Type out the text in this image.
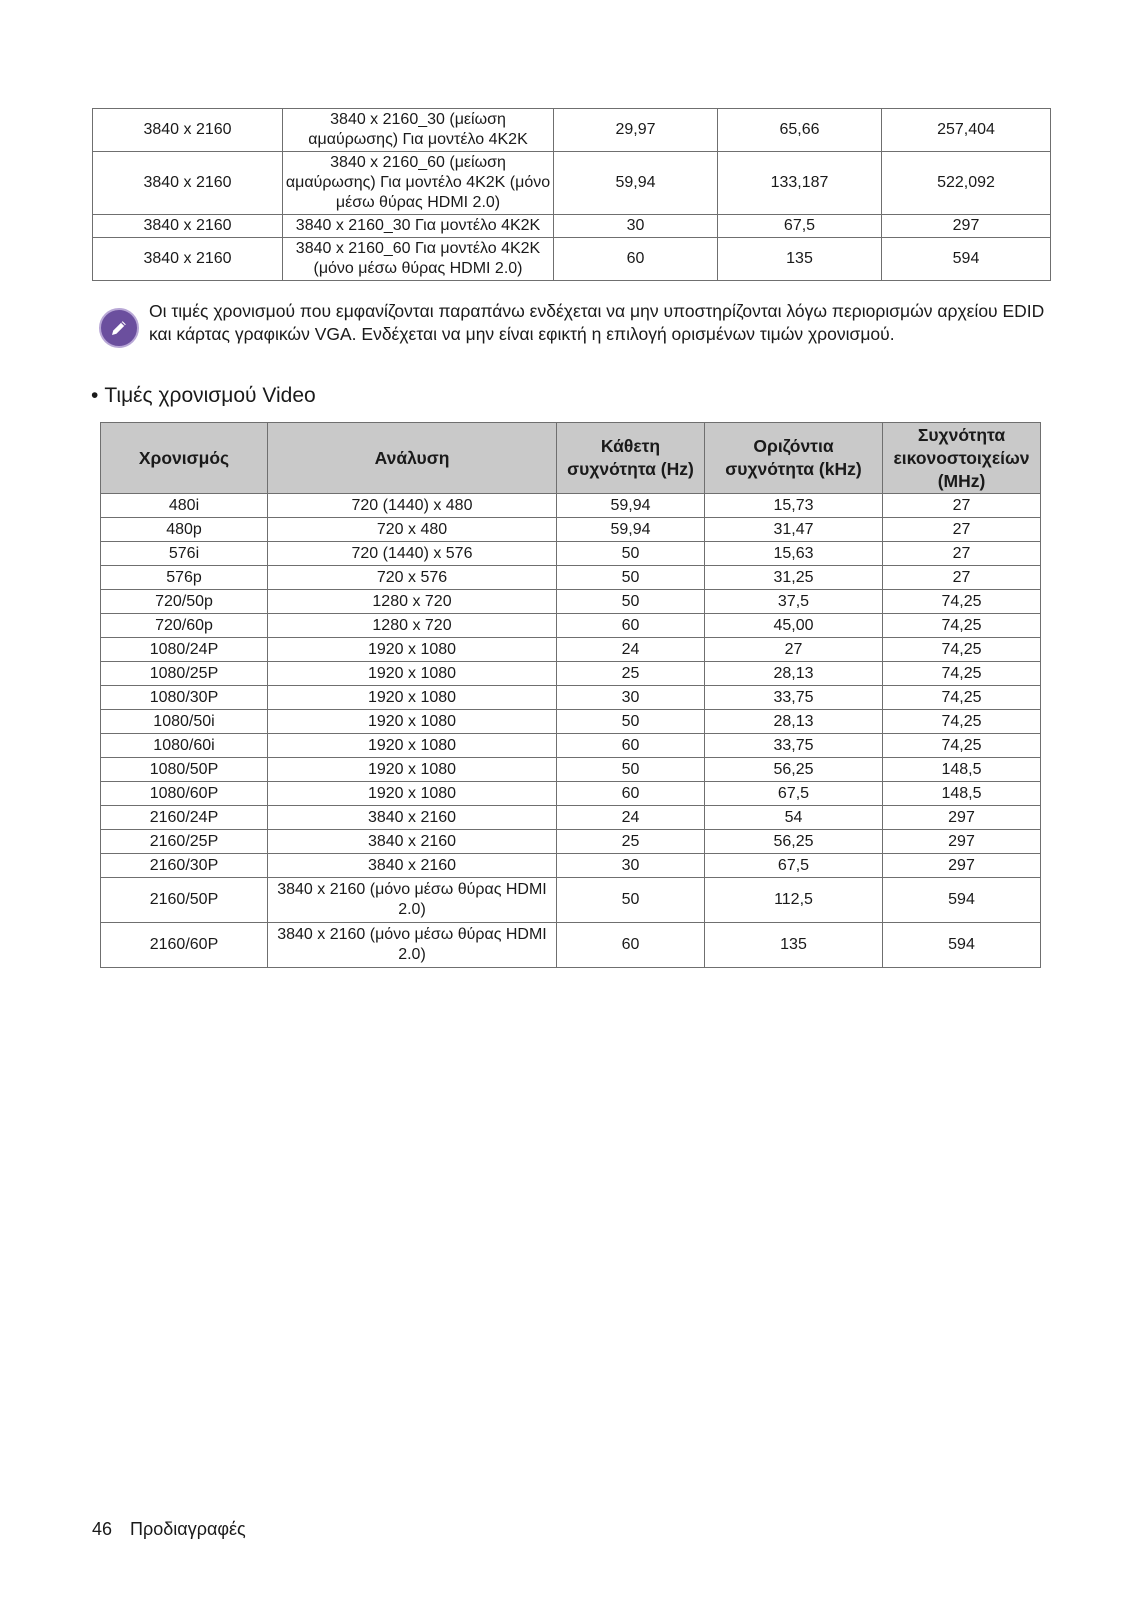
3840 x 2160	3840 x 2160_30 (μείωση αμαύρωσης) Για μοντέλο 4K2K	29,97	65,66	257,404
3840 x 2160	3840 x 2160_60 (μείωση αμαύρωσης) Για μοντέλο 4K2K (μόνο μέσω θύρας HDMI 2.0)	59,94	133,187	522,092
3840 x 2160	3840 x 2160_30 Για μοντέλο 4K2K	30	67,5	297
3840 x 2160	3840 x 2160_60 Για μοντέλο 4K2K (μόνο μέσω θύρας HDMI 2.0)	60	135	594
Οι τιμές χρονισμού που εμφανίζονται παραπάνω ενδέχεται να μην υποστηρίζονται λόγω περιορισμών αρχείου EDID και κάρτας γραφικών VGA. Ενδέχεται να μην είναι εφικτή η επιλογή ορισμένων τιμών χρονισμού.
• Τιμές χρονισμού Video
Χρονισμός	Ανάλυση	Κάθετη συχνότητα (Hz)	Οριζόντια συχνότητα (kHz)	Συχνότητα εικονοστοιχείων (MHz)
480i	720 (1440) x 480	59,94	15,73	27
480p	720 x 480	59,94	31,47	27
576i	720 (1440) x 576	50	15,63	27
576p	720 x 576	50	31,25	27
720/50p	1280 x 720	50	37,5	74,25
720/60p	1280 x 720	60	45,00	74,25
1080/24P	1920 x 1080	24	27	74,25
1080/25P	1920 x 1080	25	28,13	74,25
1080/30P	1920 x 1080	30	33,75	74,25
1080/50i	1920 x 1080	50	28,13	74,25
1080/60i	1920 x 1080	60	33,75	74,25
1080/50P	1920 x 1080	50	56,25	148,5
1080/60P	1920 x 1080	60	67,5	148,5
2160/24P	3840 x 2160	24	54	297
2160/25P	3840 x 2160	25	56,25	297
2160/30P	3840 x 2160	30	67,5	297
2160/50P	3840 x 2160 (μόνο μέσω θύρας HDMI 2.0)	50	112,5	594
2160/60P	3840 x 2160 (μόνο μέσω θύρας HDMI 2.0)	60	135	594
46 Προδιαγραφές
